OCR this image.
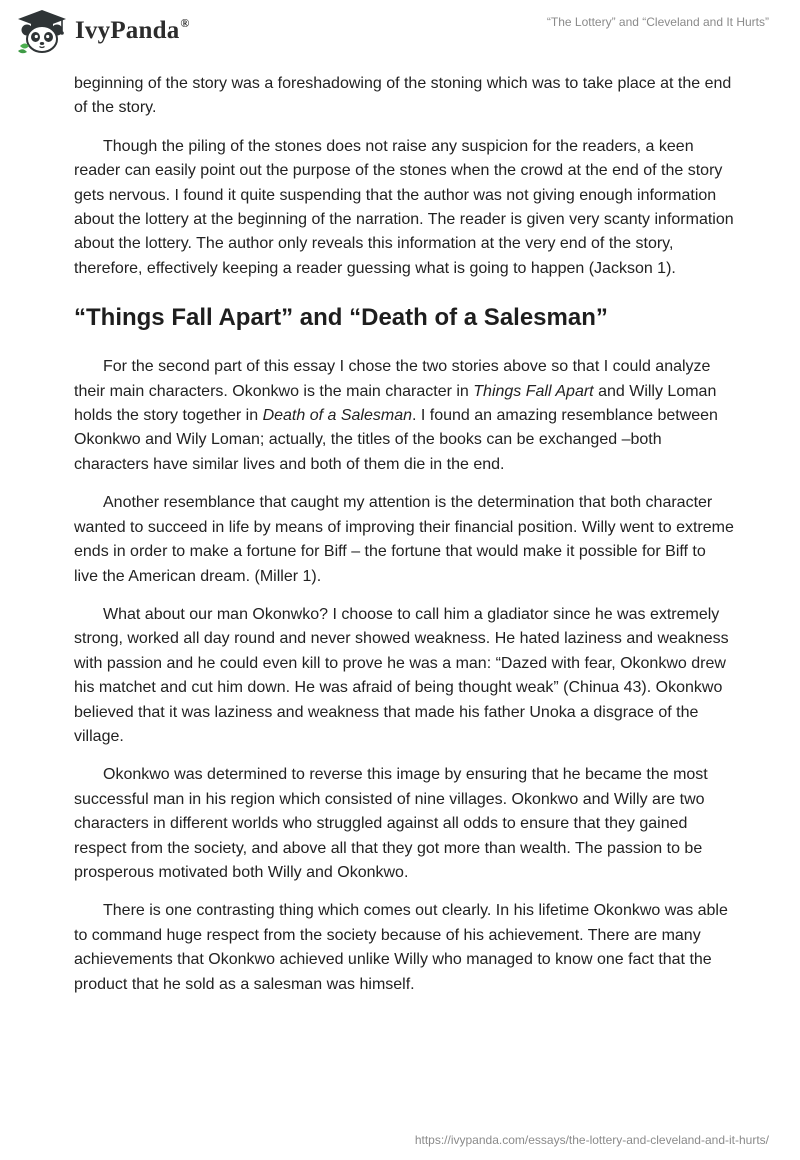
IvyPanda®	“The Lottery” and “Cleveland and It Hurts”

beginning of the story was a foreshadowing of the stoning which was to take place at the end of the story.

Though the piling of the stones does not raise any suspicion for the readers, a keen reader can easily point out the purpose of the stones when the crowd at the end of the story gets nervous. I found it quite suspending that the author was not giving enough information about the lottery at the beginning of the narration. The reader is given very scanty information about the lottery. The author only reveals this information at the very end of the story, therefore, effectively keeping a reader guessing what is going to happen (Jackson 1).

“Things Fall Apart” and “Death of a Salesman”

For the second part of this essay I chose the two stories above so that I could analyze their main characters. Okonkwo is the main character in Things Fall Apart and Willy Loman holds the story together in Death of a Salesman. I found an amazing resemblance between Okonkwo and Wily Loman; actually, the titles of the books can be exchanged –both characters have similar lives and both of them die in the end.

Another resemblance that caught my attention is the determination that both character wanted to succeed in life by means of improving their financial position. Willy went to extreme ends in order to make a fortune for Biff – the fortune that would make it possible for Biff to live the American dream. (Miller 1).

What about our man Okonwko? I choose to call him a gladiator since he was extremely strong, worked all day round and never showed weakness. He hated laziness and weakness with passion and he could even kill to prove he was a man: “Dazed with fear, Okonkwo drew his matchet and cut him down. He was afraid of being thought weak” (Chinua 43). Okonkwo believed that it was laziness and weakness that made his father Unoka a disgrace of the village.

Okonkwo was determined to reverse this image by ensuring that he became the most successful man in his region which consisted of nine villages. Okonkwo and Willy are two characters in different worlds who struggled against all odds to ensure that they gained respect from the society, and above all that they got more than wealth. The passion to be prosperous motivated both Willy and Okonkwo.

There is one contrasting thing which comes out clearly. In his lifetime Okonkwo was able to command huge respect from the society because of his achievement. There are many achievements that Okonkwo achieved unlike Willy who managed to know one fact that the product that he sold as a salesman was himself.

https://ivypanda.com/essays/the-lottery-and-cleveland-and-it-hurts/
